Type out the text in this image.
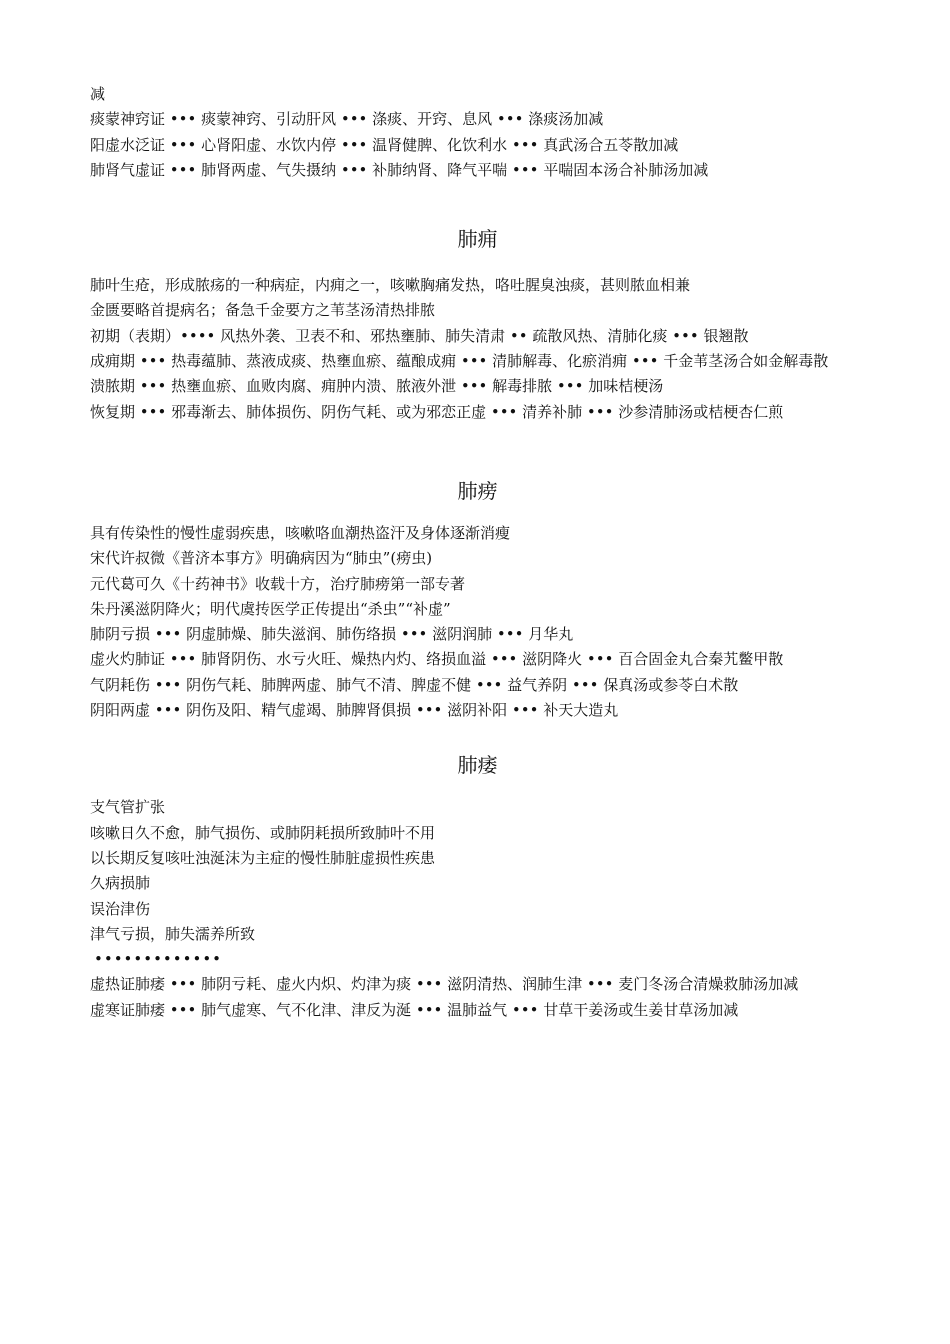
减
痰蒙神窍证 ••• 痰蒙神窍、引动肝风 ••• 涤痰、开窍、息风 ••• 涤痰汤加减
阳虚水泛证 ••• 心肾阳虚、水饮内停 ••• 温肾健脾、化饮利水 ••• 真武汤合五苓散加减
肺肾气虚证 ••• 肺肾两虚、气失摄纳 ••• 补肺纳肾、降气平喘 ••• 平喘固本汤合补肺汤加减
肺痈
肺叶生疮，形成脓疡的一种病症，内痈之一，咳嗽胸痛发热，咯吐腥臭浊痰，甚则脓血相兼
金匮要略首提病名；备急千金要方之苇茎汤清热排脓
初期（表期）•••• 风热外袭、卫表不和、邪热壅肺、肺失清肃 •• 疏散风热、清肺化痰 ••• 银翘散
成痈期 ••• 热毒蕴肺、蒸液成痰、热壅血瘀、蕴酿成痈 ••• 清肺解毒、化瘀消痈 ••• 千金苇茎汤合如金解毒散
溃脓期 ••• 热壅血瘀、血败肉腐、痈肿内溃、脓液外泄 ••• 解毒排脓 ••• 加味桔梗汤
恢复期 ••• 邪毒渐去、肺体损伤、阴伤气耗、或为邪恋正虚 ••• 清养补肺 ••• 沙参清肺汤或桔梗杏仁煎
肺痨
具有传染性的慢性虚弱疾患，咳嗽咯血潮热盗汗及身体逐渐消瘦
宋代许叔微《普济本事方》明确病因为“肺虫”(痨虫)
元代葛可久《十药神书》收载十方，治疗肺痨第一部专著
朱丹溪滋阴降火；明代虞抟医学正传提出“杀虫”“补虚”
肺阴亏损 ••• 阴虚肺燥、肺失滋润、肺伤络损 ••• 滋阴润肺 ••• 月华丸
虚火灼肺证 ••• 肺肾阴伤、水亏火旺、燥热内灼、络损血溢 ••• 滋阴降火 ••• 百合固金丸合秦艽鳖甲散
气阴耗伤 ••• 阴伤气耗、肺脾两虚、肺气不清、脾虚不健 ••• 益气养阴 ••• 保真汤或参苓白术散
阴阳两虚 ••• 阴伤及阳、精气虚竭、肺脾肾俱损 ••• 滋阴补阳 ••• 补天大造丸
肺痿
支气管扩张
咳嗽日久不愈，肺气损伤、或肺阴耗损所致肺叶不用
以长期反复咳吐浊涎沫为主症的慢性肺脏虚损性疾患
久病损肺
误治津伤
津气亏损，肺失濡养所致
•••••••••••••
虚热证肺痿 ••• 肺阴亏耗、虚火内炽、灼津为痰 ••• 滋阴清热、润肺生津 ••• 麦门冬汤合清燥救肺汤加减
虚寒证肺痿 ••• 肺气虚寒、气不化津、津反为涎 ••• 温肺益气 ••• 甘草干姜汤或生姜甘草汤加减
